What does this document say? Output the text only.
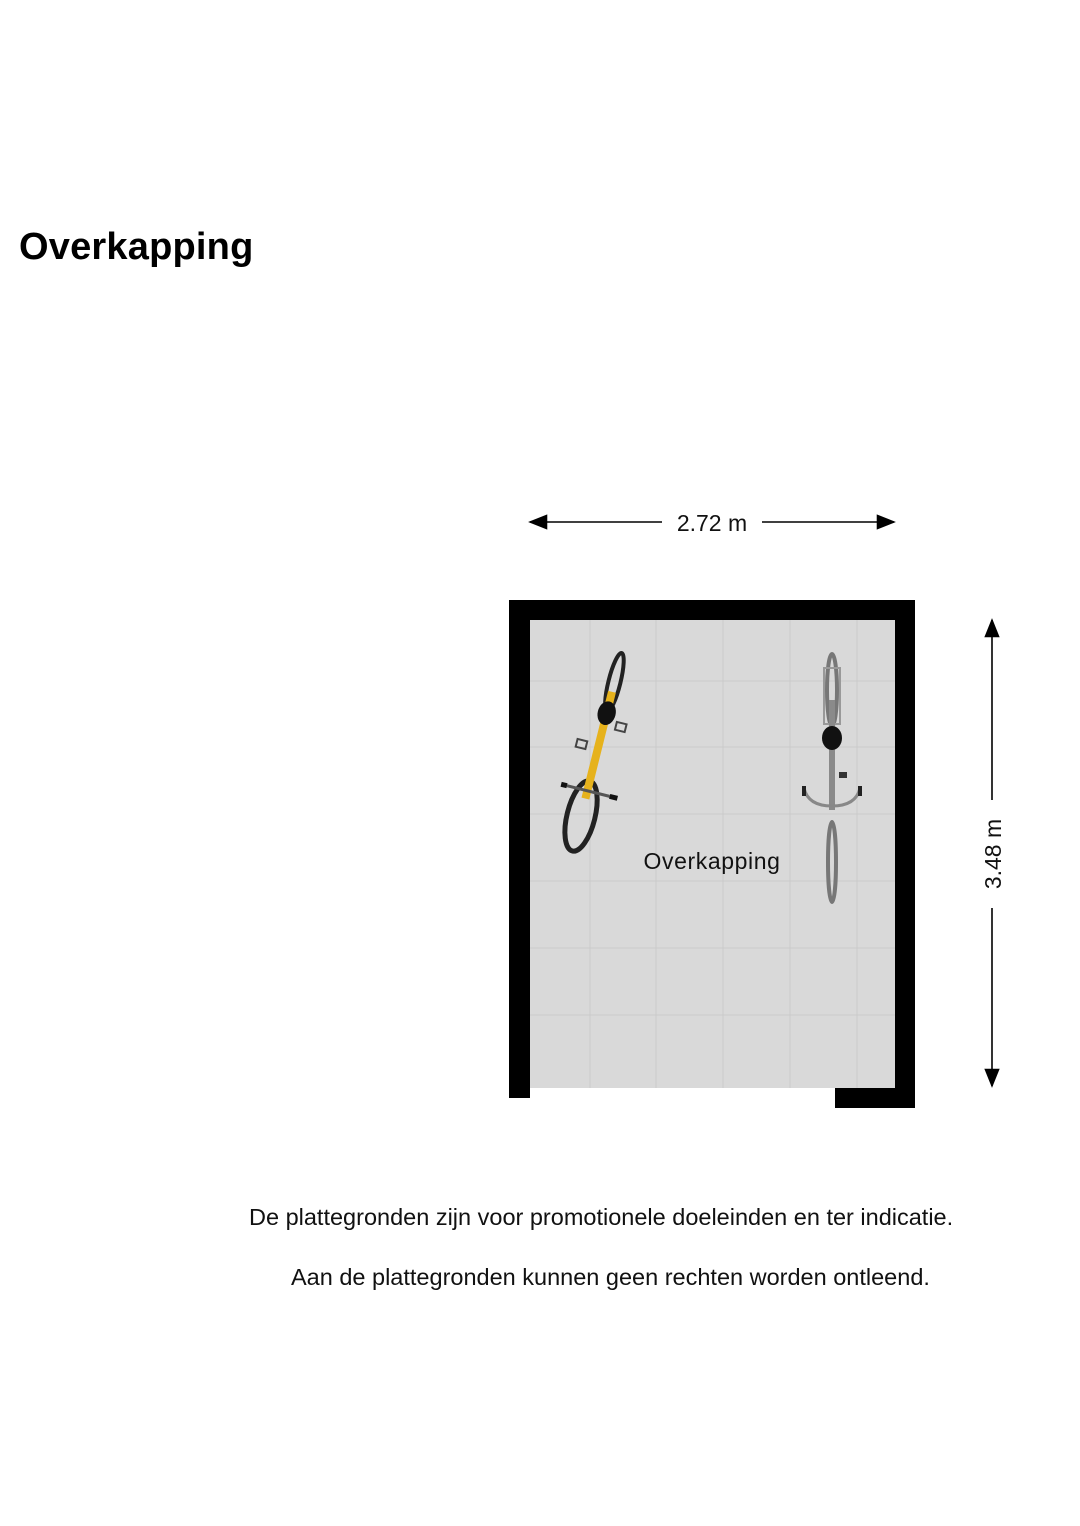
Overkapping
2.72 m
3.48 m
Overkapping

De plattegronden zijn voor promotionele doeleinden en ter indicatie.

Aan de plattegronden kunnen geen rechten worden ontleend.
